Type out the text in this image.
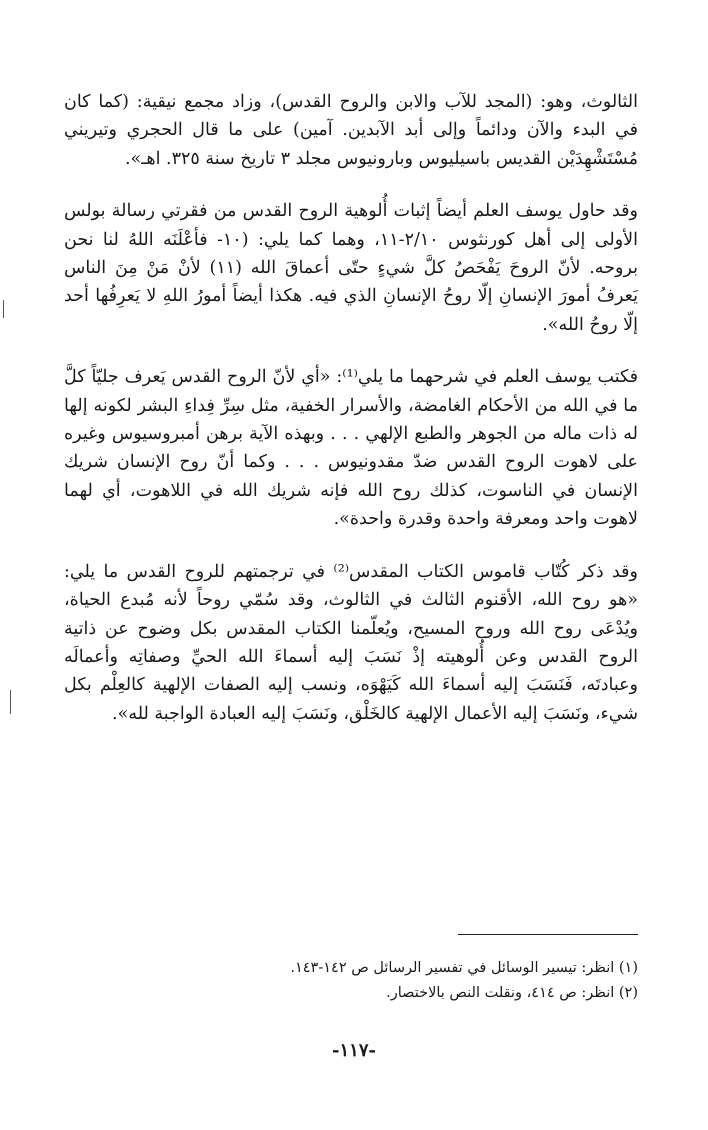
الثالوث، وهو: (المجد للآب والابن والروح القدس)، وزاد مجمع نيقية: (كما كان في البدء والآن ودائماً وإلى أبد الآبدين. آمين) على ما قال الحجري وتيريني مُسْتَشْهِدَيْن القديس باسيليوس وبارونيوس مجلد ٣ تاريخ سنة ٣٢٥. اهـ».

وقد حاول يوسف العلم أيضاً إثبات أُلوهية الروح القدس من فقرتي رسالة بولس الأولى إلى أهل كورنثوس ٢/١٠-١١، وهما كما يلي: (١٠- فأعْلَنَه اللهُ لنا نحن بروحه. لأنّ الروحَ يَفْحَصُ كلَّ شيءٍ حتّى أعماقَ الله (١١) لأنْ مَنْ مِنَ الناس يَعرفُ أمورَ الإنسانِ إلّا روحُ الإنسانِ الذي فيه. هكذا أيضاً أمورُ اللهِ لا يَعرِفُها أحد إلّا روحُ الله».

فكتب يوسف العلم في شرحهما ما يلي⁽¹⁾: «أي لأنّ الروح القدس يَعرف جليّاً كلَّ ما في الله من الأحكام الغامضة، والأسرار الخفية، مثل سِرِّ فِداءِ البشر لكونه إلها له ذات ماله من الجوهر والطبع الإلهي . . . وبهذه الآية برهن أمبروسيوس وغيره على لاهوت الروح القدس ضدّ مقدونيوس . . . وكما أنّ روح الإنسان شريك الإنسان في الناسوت، كذلك روح الله فإنه شريك الله في اللاهوت، أي لهما لاهوت واحد ومعرفة واحدة وقدرة واحدة».

وقد ذكر كُتّاب قاموس الكتاب المقدس⁽²⁾ في ترجمتهم للروح القدس ما يلي: «هو روح الله، الأقنوم الثالث في الثالوث، وقد سُمّي روحاً لأنه مُبدع الحياة، ويُدْعَى روح الله وروح المسيح، ويُعلّمنا الكتاب المقدس بكل وضوح عن ذاتية الروح القدس وعن أُلوهيته إذْ نَسَبَ إليه أسماءَ الله الحيِّ وصفاتِه وأعمالَه وعبادتَه، فَنَسَبَ إليه أسماءَ الله كَيَهْوَه، ونسب إليه الصفات الإلهية كالعِلْم بكل شيء، ونَسَبَ إليه الأعمال الإلهية كالخَلْق، ونَسَبَ إليه العبادة الواجبة لله».

(١) انظر: تيسير الوسائل في تفسير الرسائل ص ١٤٢-١٤٣.

(٢) انظر: ص ٤١٤، ونقلت النص بالاختصار.

-١١٧-
